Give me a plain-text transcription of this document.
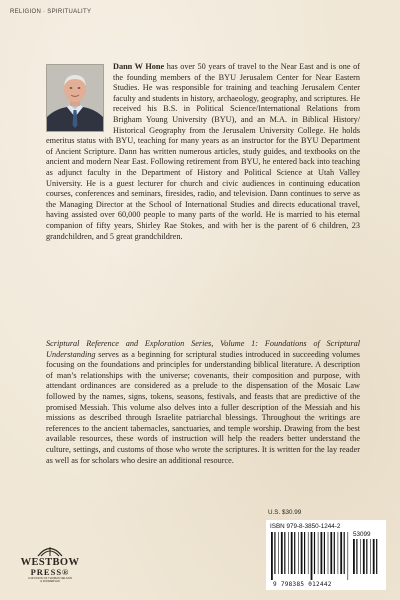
RELIGION · SPIRITUALITY
Dann W Hone has over 50 years of travel to the Near East and is one of the founding members of the BYU Jerusalem Center for Near Eastern Studies. He was responsible for training and teaching Jerusalem Center faculty and students in history, archaeology, geography, and scriptures. He received his B.S. in Political Science/International Relations from Brigham Young University (BYU), and an M.A. in Biblical History/ Historical Geography from the Jerusalem University College. He holds emeritus status with BYU, teaching for many years as an instructor for the BYU Department of Ancient Scripture. Dann has written numerous articles, study guides, and textbooks on the ancient and modern Near East. Following retirement from BYU, he entered back into teaching as adjunct faculty in the Department of History and Political Science at Utah Valley University. He is a guest lecturer for church and civic audiences in continuing education courses, conferences and seminars, firesides, radio, and television. Dann continues to serve as the Managing Director at the School of International Studies and directs educational travel, having assisted over 60,000 people to many parts of the world. He is married to his eternal companion of fifty years, Shirley Rae Stokes, and with her is the parent of 6 children, 23 grandchildren, and 5 great grandchildren.
Scriptural Reference and Exploration Series, Volume 1: Foundations of Scriptural Understanding serves as a beginning for scriptural studies introduced in succeeding volumes focusing on the foundations and principles for understanding biblical literature. A description of man’s relationships with the universe; covenants, their composition and purpose, with attendant ordinances are considered as a prelude to the dispensation of the Mosaic Law followed by the names, signs, tokens, seasons, festivals, and feasts that are predictive of the promised Messiah. This volume also delves into a fuller description of the Messiah and his missions as described through Israelite patriarchal blessings. Throughout the writings are references to the ancient tabernacles, sanctuaries, and temple worship. Drawing from the best available resources, these words of instruction will help the readers better understand the culture, settings, and customs of those who wrote the scriptures. It is written for the lay reader as well as for scholars who desire an additional resource.
WESTBOW
PRESS®
A DIVISION OF THOMAS NELSON
& ZONDERVAN
U.S. $30.99
ISBN 979-8-3850-1244-2
53099
9 798385 012442
